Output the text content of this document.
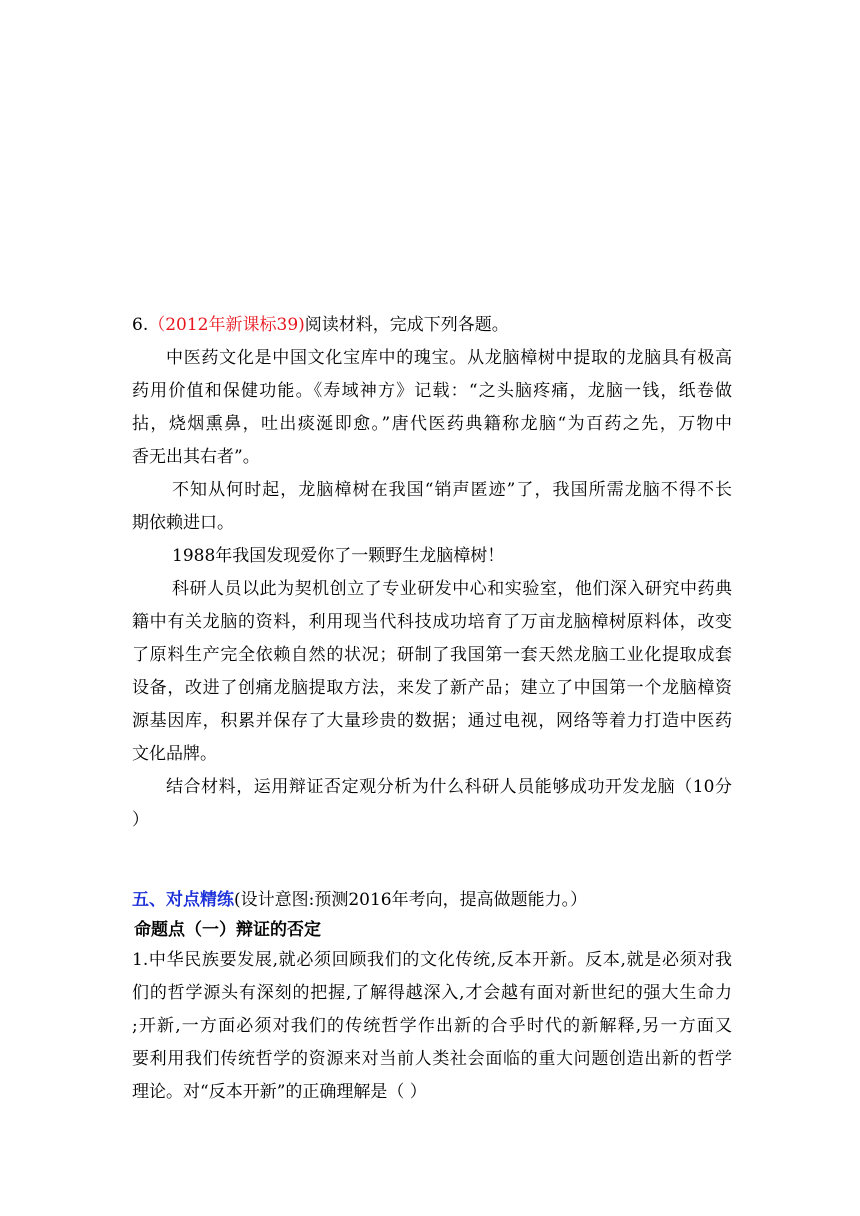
6.（2012年新课标39)阅读材料，完成下列各题。
中医药文化是中国文化宝库中的瑰宝。从龙脑樟树中提取的龙脑具有极高
药用价值和保健功能。《寿域神方》记载：“之头脑疼痛，龙脑一钱，纸卷做
拈，烧烟熏鼻，吐出痰涎即愈。”唐代医药典籍称龙脑“为百药之先，万物中
香无出其右者”。
不知从何时起，龙脑樟树在我国“销声匿迹”了，我国所需龙脑不得不长
期依赖进口。
1988年我国发现爱你了一颗野生龙脑樟树！
科研人员以此为契机创立了专业研发中心和实验室，他们深入研究中药典
籍中有关龙脑的资料，利用现当代科技成功培育了万亩龙脑樟树原料体，改变
了原料生产完全依赖自然的状况；研制了我国第一套天然龙脑工业化提取成套
设备，改进了创痛龙脑提取方法，来发了新产品；建立了中国第一个龙脑樟资
源基因库，积累并保存了大量珍贵的数据；通过电视，网络等着力打造中医药
文化品牌。
结合材料，运用辩证否定观分析为什么科研人员能够成功开发龙脑（10分
）
五、对点精练(设计意图:预测2016年考向，提高做题能力。）
命题点（一）辩证的否定
1.中华民族要发展,就必须回顾我们的文化传统,反本开新。反本,就是必须对我
们的哲学源头有深刻的把握,了解得越深入,才会越有面对新世纪的强大生命力
;开新,一方面必须对我们的传统哲学作出新的合乎时代的新解释,另一方面又
要利用我们传统哲学的资源来对当前人类社会面临的重大问题创造出新的哲学
理论。对“反本开新”的正确理解是（ ）
